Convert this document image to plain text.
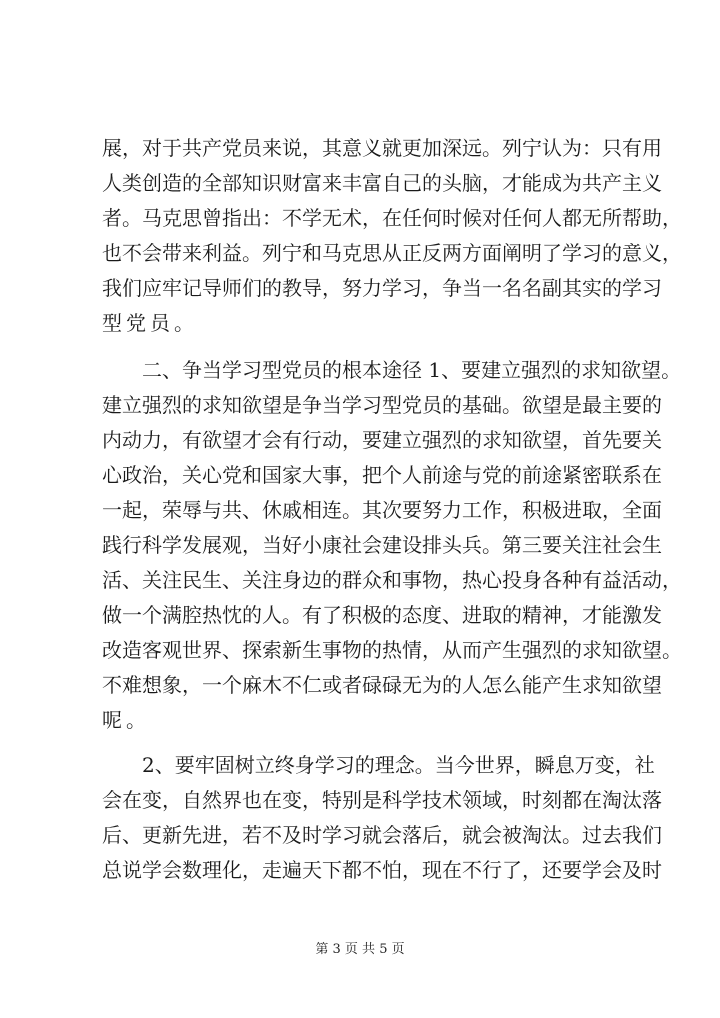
展，对于共产党员来说，其意义就更加深远。列宁认为：只有用
人类创造的全部知识财富来丰富自己的头脑，才能成为共产主义
者。马克思曾指出：不学无术，在任何时候对任何人都无所帮助，
也不会带来利益。列宁和马克思从正反两方面阐明了学习的意义，
我们应牢记导师们的教导，努力学习，争当一名名副其实的学习
型党员。
二、争当学习型党员的根本途径 1、要建立强烈的求知欲望。
建立强烈的求知欲望是争当学习型党员的基础。欲望是最主要的
内动力，有欲望才会有行动，要建立强烈的求知欲望，首先要关
心政治，关心党和国家大事，把个人前途与党的前途紧密联系在
一起，荣辱与共、休戚相连。其次要努力工作，积极进取，全面
践行科学发展观，当好小康社会建设排头兵。第三要关注社会生
活、关注民生、关注身边的群众和事物，热心投身各种有益活动，
做一个满腔热忱的人。有了积极的态度、进取的精神，才能激发
改造客观世界、探索新生事物的热情，从而产生强烈的求知欲望。
不难想象，一个麻木不仁或者碌碌无为的人怎么能产生求知欲望
呢。
2、要牢固树立终身学习的理念。当今世界，瞬息万变，社
会在变，自然界也在变，特别是科学技术领域，时刻都在淘汰落
后、更新先进，若不及时学习就会落后，就会被淘汰。过去我们
总说学会数理化，走遍天下都不怕，现在不行了，还要学会及时
第 3 页 共 5 页
